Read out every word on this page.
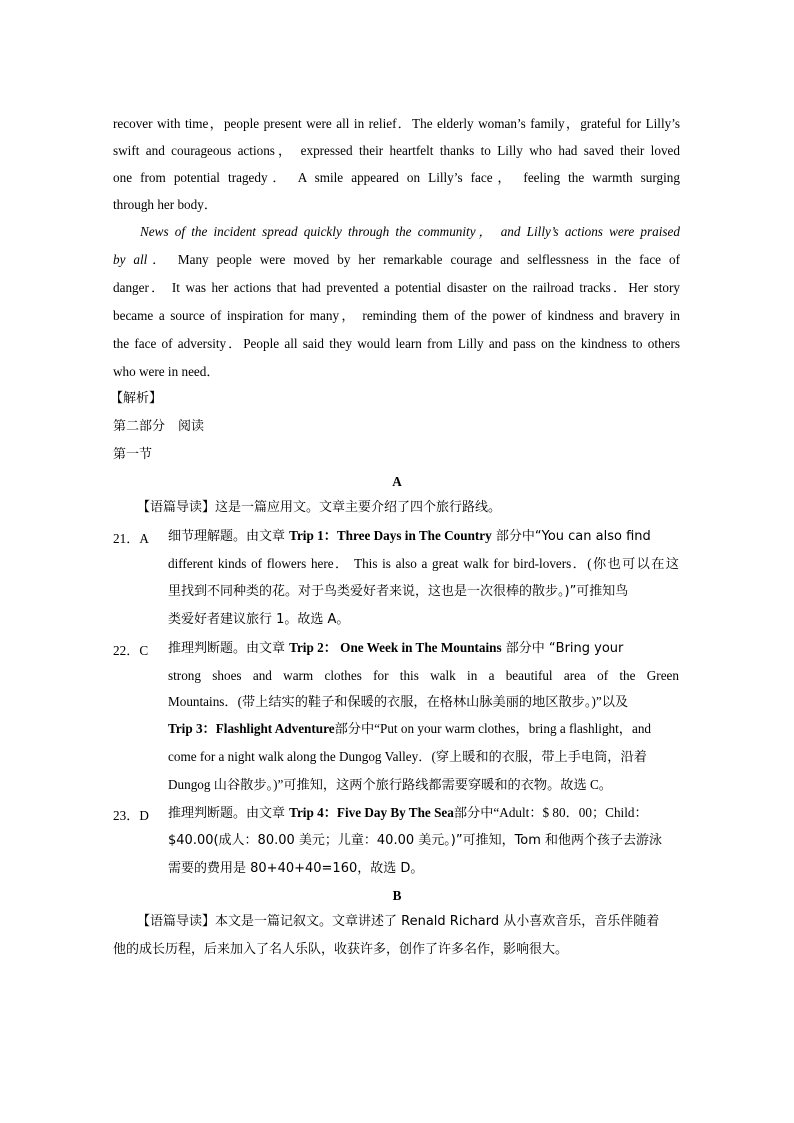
recover with time，people present were all in relief．The elderly woman’s family，grateful for Lilly’s
swift and courageous actions， expressed their heartfelt thanks to Lilly who had saved their loved
one from potential tragedy． A smile appeared on Lilly’s face， feeling the warmth surging
through her body．
News of the incident spread quickly through the community， and Lilly’s actions were praised
by all． Many people were moved by her remarkable courage and selflessness in the face of
danger． It was her actions that had prevented a potential disaster on the railroad tracks．Her story
became a source of inspiration for many， reminding them of the power of kindness and bravery in
the face of adversity．People all said they would learn from Lilly and pass on the kindness to others
who were in need．
【解析】
第二部分　阅读
第一节
A
【语篇导读】这是一篇应用文。文章主要介绍了四个旅行路线。
21．A 细节理解题。由文章 Trip 1：Three Days in The Country 部分中“You can also find
different kinds of flowers here． This is also a great walk for bird-lovers．(你也可以在这
里找到不同种类的花。对于鸟类爱好者来说，这也是一次很棒的散步。)”可推知鸟
类爱好者建议旅行 1。故选 A。
22．C 推理判断题。由文章 Trip 2： One Week in The Mountains 部分中 “Bring your
strong shoes and warm clothes for this walk in a beautiful area of the Green
Mountains．(带上结实的鞋子和保暖的衣服，在格林山脉美丽的地区散步。)”以及
Trip 3：Flashlight Adventure部分中“Put on your warm clothes，bring a flashlight，and
come for a night walk along the Dungog Valley．(穿上暖和的衣服，带上手电筒，沿着
Dungog 山谷散步。)”可推知，这两个旅行路线都需要穿暖和的衣物。故选 C。
23．D 推理判断题。由文章 Trip 4：Five Day By The Sea部分中“Adult：$ 80．00；Child：
$40.00(成人：80.00 美元；儿童：40.00 美元。)”可推知，Tom 和他两个孩子去游泳
需要的费用是 80+40+40=160，故选 D。
B
【语篇导读】本文是一篇记叙文。文章讲述了 Renald Richard 从小喜欢音乐，音乐伴随着
他的成长历程，后来加入了名人乐队，收获许多，创作了许多名作，影响很大。
